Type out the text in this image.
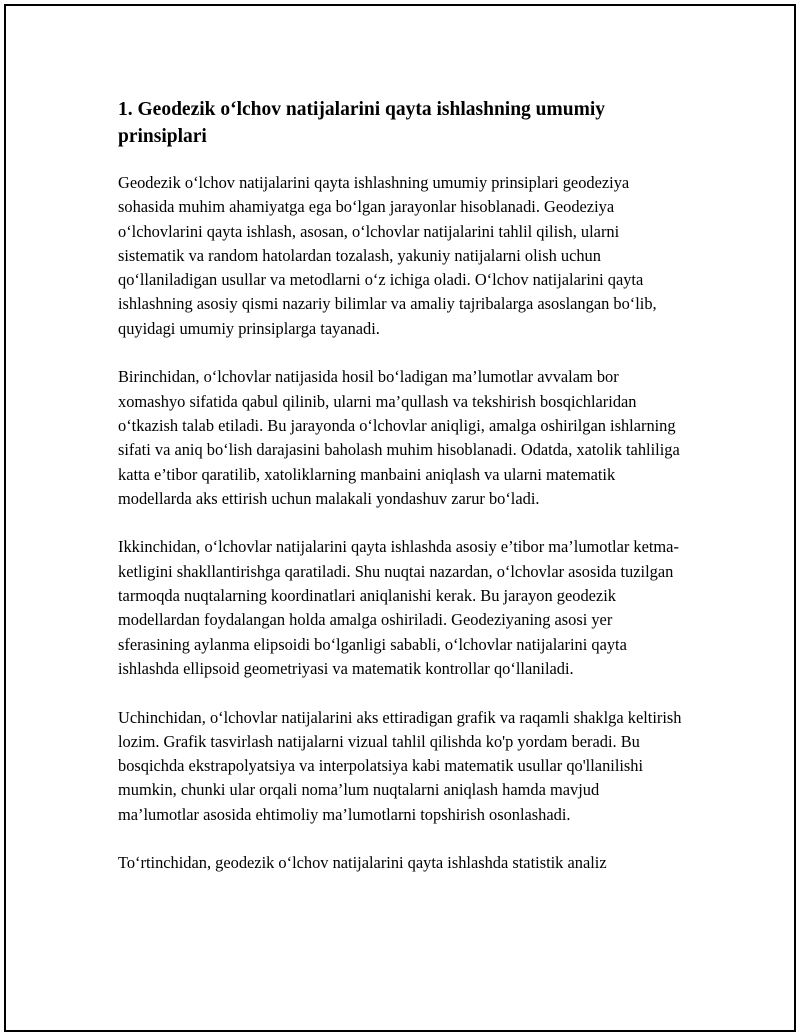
1. Geodezik o‘lchov natijalarini qayta ishlashning umumiy prinsiplari

Geodezik o‘lchov natijalarini qayta ishlashning umumiy prinsiplari geodeziya sohasida muhim ahamiyatga ega bo‘lgan jarayonlar hisoblanadi. Geodeziya o‘lchovlarini qayta ishlash, asosan, o‘lchovlar natijalarini tahlil qilish, ularni sistematik va random hatolardan tozalash, yakuniy natijalarni olish uchun qo‘llaniladigan usullar va metodlarni o‘z ichiga oladi. O‘lchov natijalarini qayta ishlashning asosiy qismi nazariy bilimlar va amaliy tajribalarga asoslangan bo‘lib, quyidagi umumiy prinsiplarga tayanadi.

Birinchidan, o‘lchovlar natijasida hosil bo‘ladigan ma’lumotlar avvalam bor xomashyo sifatida qabul qilinib, ularni ma’qullash va tekshirish bosqichlaridan o‘tkazish talab etiladi. Bu jarayonda o‘lchovlar aniqligi, amalga oshirilgan ishlarning sifati va aniq bo‘lish darajasini baholash muhim hisoblanadi. Odatda, xatolik tahliliga katta e’tibor qaratilib, xatoliklarning manbaini aniqlash va ularni matematik modellarda aks ettirish uchun malakali yondashuv zarur bo‘ladi.

Ikkinchidan, o‘lchovlar natijalarini qayta ishlashda asosiy e’tibor ma’lumotlar ketma-ketligini shakllantirishga qaratiladi. Shu nuqtai nazardan, o‘lchovlar asosida tuzilgan tarmoqda nuqtalarning koordinatlari aniqlanishi kerak. Bu jarayon geodezik modellardan foydalangan holda amalga oshiriladi. Geodeziyaning asosi yer sferasining aylanma elipsoidi bo‘lganligi sababli, o‘lchovlar natijalarini qayta ishlashda ellipsoid geometriyasi va matematik kontrollar qo‘llaniladi.

Uchinchidan, o‘lchovlar natijalarini aks ettiradigan grafik va raqamli shaklga keltirish lozim. Grafik tasvirlash natijalarni vizual tahlil qilishda ko'p yordam beradi. Bu bosqichda ekstrapolyatsiya va interpolatsiya kabi matematik usullar qo'llanilishi mumkin, chunki ular orqali noma’lum nuqtalarni aniqlash hamda mavjud ma’lumotlar asosida ehtimoliy ma’lumotlarni topshirish osonlashadi.

To‘rtinchidan, geodezik o‘lchov natijalarini qayta ishlashda statistik analiz
